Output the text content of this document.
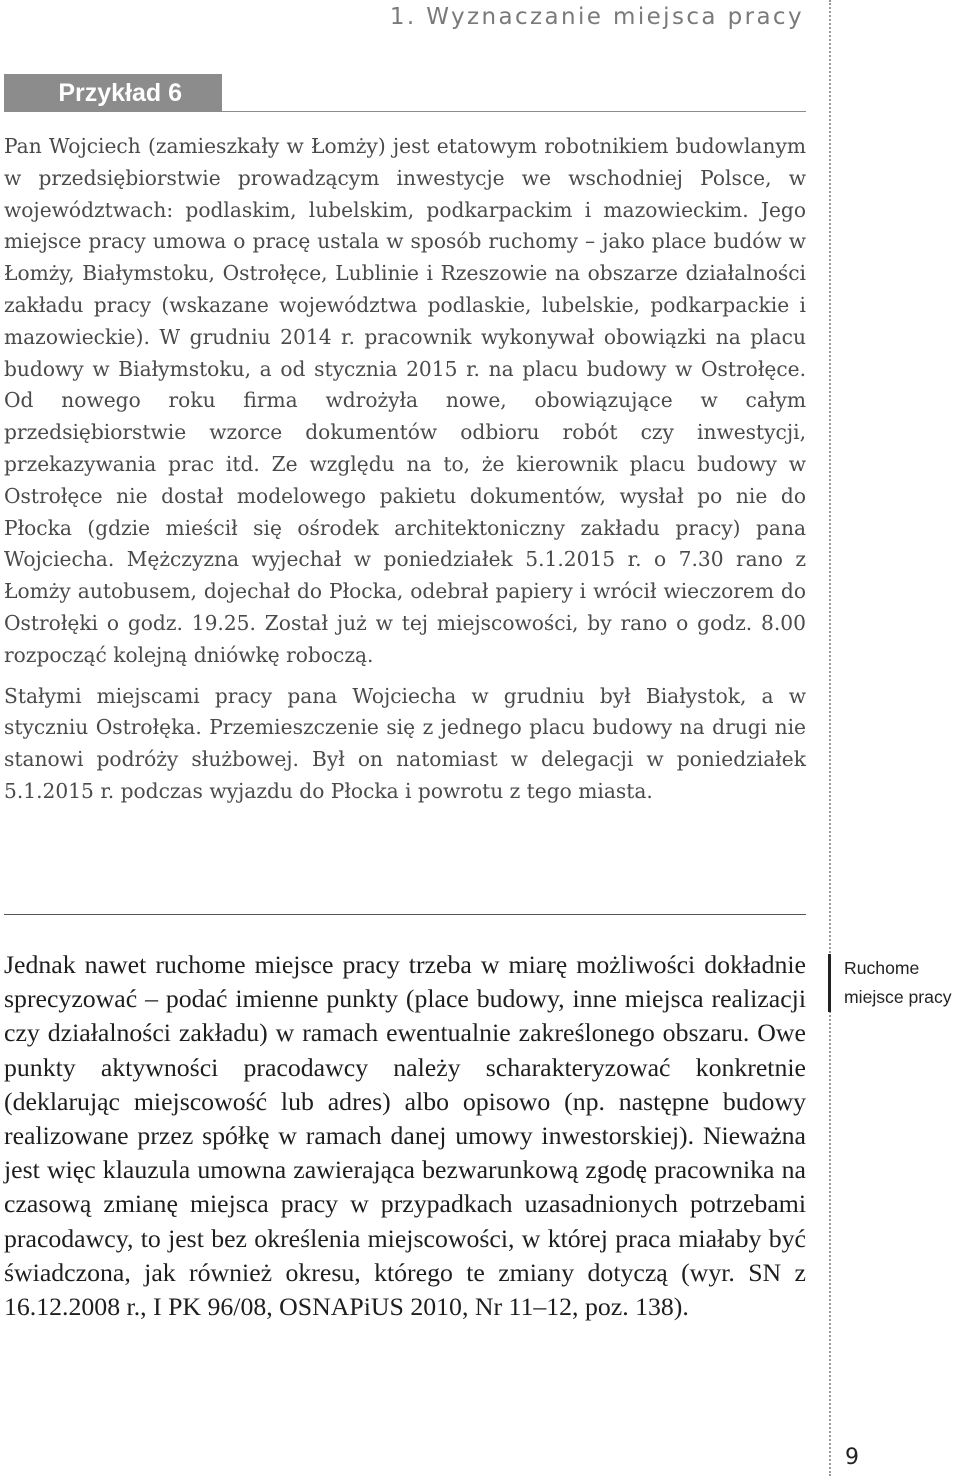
1. Wyznaczanie miejsca pracy
Przykład 6

Pan Wojciech (zamieszkały w Łomży) jest etatowym robotnikiem budowlanym w przedsiębiorstwie prowadzącym inwestycje we wschodniej Polsce, w województwach: podlaskim, lubelskim, podkarpackim i mazowieckim. Jego miejsce pracy umowa o pracę ustala w sposób ruchomy – jako place budów w Łomży, Białymstoku, Ostrołęce, Lublinie i Rzeszowie na obszarze działalności zakładu pracy (wskazane województwa podlaskie, lubelskie, podkarpackie i mazowieckie). W grudniu 2014 r. pracownik wykonywał obowiązki na placu budowy w Białymstoku, a od stycznia 2015 r. na placu budowy w Ostrołęce. Od nowego roku firma wdrożyła nowe, obowiązujące w całym przedsiębiorstwie wzorce dokumentów odbioru robót czy inwestycji, przekazywania prac itd. Ze względu na to, że kierownik placu budowy w Ostrołęce nie dostał modelowego pakietu dokumentów, wysłał po nie do Płocka (gdzie mieścił się ośrodek architektoniczny zakładu pracy) pana Wojciecha. Mężczyzna wyjechał w poniedziałek 5.1.2015 r. o 7.30 rano z Łomży autobusem, dojechał do Płocka, odebrał papiery i wrócił wieczorem do Ostrołęki o godz. 19.25. Został już w tej miejscowości, by rano o godz. 8.00 rozpocząć kolejną dniówkę roboczą.

Stałymi miejscami pracy pana Wojciecha w grudniu był Białystok, a w styczniu Ostrołęka. Przemieszczenie się z jednego placu budowy na drugi nie stanowi podróży służbowej. Był on natomiast w delegacji w poniedziałek 5.1.2015 r. podczas wyjazdu do Płocka i powrotu z tego miasta.

Jednak nawet ruchome miejsce pracy trzeba w miarę możliwości dokładnie sprecyzować – podać imienne punkty (place budowy, inne miejsca realizacji czy działalności zakładu) w ramach ewentualnie zakreślonego obszaru. Owe punkty aktywności pracodawcy należy scharakteryzować konkretnie (deklarując miejscowość lub adres) albo opisowo (np. następne budowy realizowane przez spółkę w ramach danej umowy inwestorskiej). Nieważna jest więc klauzula umowna zawierająca bezwarunkową zgodę pracownika na czasową zmianę miejsca pracy w przypadkach uzasadnionych potrzebami pracodawcy, to jest bez określenia miejscowości, w której praca miałaby być świadczona, jak również okresu, którego te zmiany dotyczą (wyr. SN z 16.12.2008 r., I PK 96/08, OSNAPiUS 2010, Nr 11–12, poz. 138).

Ruchome
miejsce pracy
9
